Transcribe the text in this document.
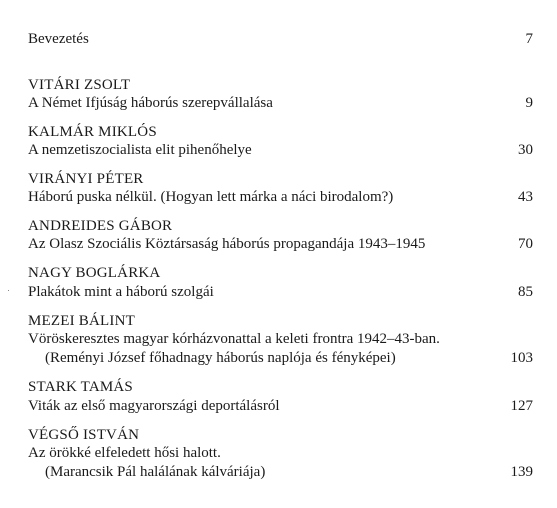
Bevezetés	7
VITÁRI ZSOLT
A Német Ifjúság háborús szerepvállalása	9
KALMÁR MIKLÓS
A nemzetiszocialista elit pihenőhelye	30
VIRÁNYI PÉTER
Háború puska nélkül. (Hogyan lett márka a náci birodalom?)	43
ANDREIDES GÁBOR
Az Olasz Szociális Köztársaság háborús propagandája 1943–1945	70
NAGY BOGLÁRKA
Plakátok mint a háború szolgái	85
MEZEI BÁLINT
Vöröskeresztes magyar kórházvonattal a keleti frontra 1942–43-ban.
(Reményi József főhadnagy háborús naplója és fényképei)	103
STARK TAMÁS
Viták az első magyarországi deportálásról	127
VÉGSŐ ISTVÁN
Az örökké elfeledett hősi halott.
(Marancsik Pál halálának kálváriája)	139
